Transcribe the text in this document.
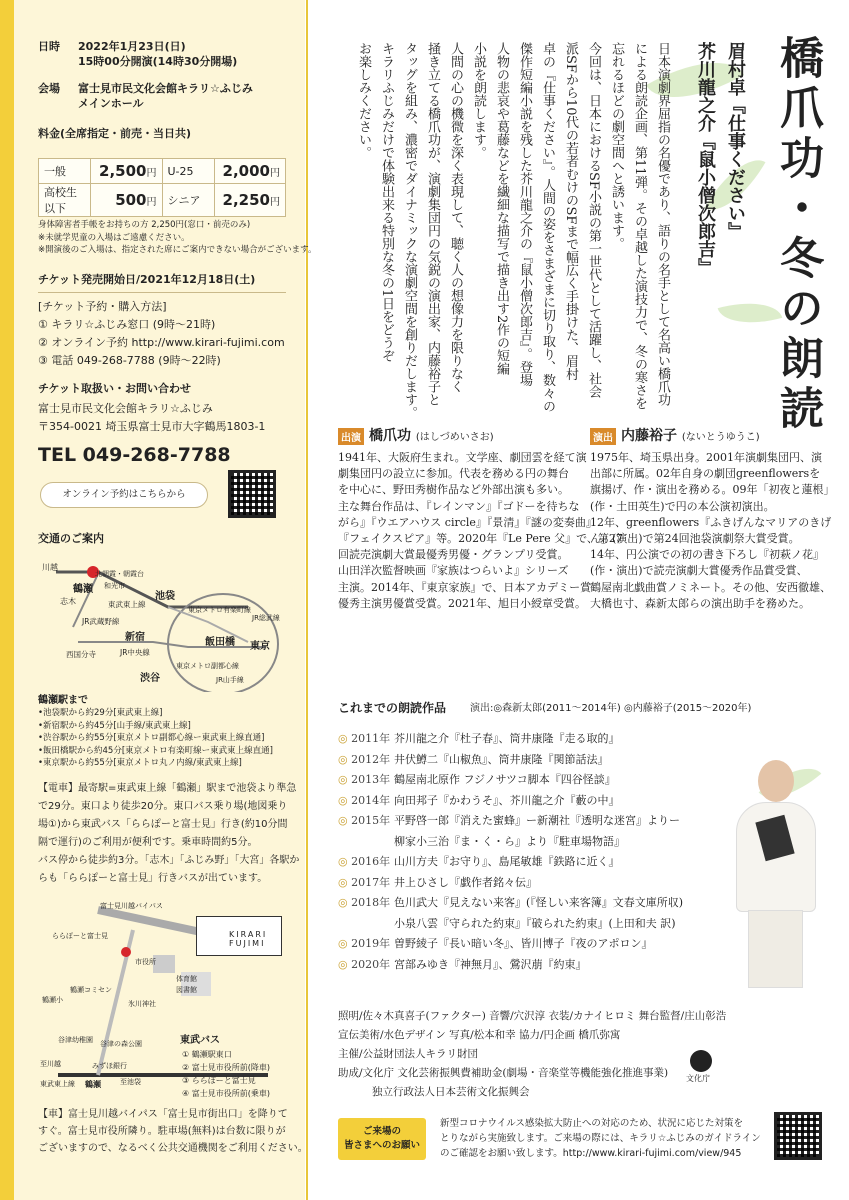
日時 2022年1月23日(日)
15時00分開演(14時30分開場)
会場 富士見市民文化会館キラリ☆ふじみ
メインホール
料金(全席指定・前売・当日共)
一般	2,500円	U-25	2,000円
高校生以下	500円	シニア	2,250円
身体障害者手帳をお持ちの方 2,250円(窓口・前売のみ)
※未就学児童の入場はご遠慮ください。
※開演後のご入場は、指定された席にご案内できない場合がございます。
チケット発売開始日/2021年12月18日(土)
[チケット予約・購入方法]
① キラリ☆ふじみ窓口 (9時〜21時)
② オンライン予約 http://www.kirari-fujimi.com
③ 電話 049-268-7788 (9時〜22時)
チケット取扱い・お問い合わせ
富士見市民文化会館キラリ☆ふじみ
〒354-0021 埼玉県富士見市大字鶴馬1803-1
TEL 049-268-7788
オンライン予約はこちらから
交通のご案内
川越
鶴瀬
志木	池袋
北朝霞・朝霞台
和光市
東武東上線
JR武蔵野線
東京メトロ有楽町線
新宿
JR中央線
西国分寺
飯田橋 東京
渋谷	JR山手線
JR総武線
東京メトロ副都心線
鶴瀬駅まで
KIRARI FUJIMI
富士見川越バイパス
ららぽーと富士見
市役所
体育館
図書館
鶴瀬コミセン
鶴瀬小	氷川神社
谷津幼稚園 谷津の森公園
みずほ銀行
至川越
至池袋
鶴瀬
東武東上線
東武バス
橋爪功・冬の朗読
眉村卓『仕事ください』
芥川龍之介『鼠小僧次郎吉』
出演 橋爪功 (はしづめいさお)
1941年、大阪府生まれ。文学座、劇団雲を経て演
劇集団円の設立に参加。代表を務める円の舞台
を中心に、野田秀樹作品など外部出演も多い。
主な舞台作品は、『レインマン』『ゴドーを待ちな
がら』『ウエアハウス circle』『景清』『謎の変奏曲』
『フェイクスピア』等。2020年『Le Pere 父』で、第27
回読売演劇大賞最優秀男優・グランプリ受賞。
山田洋次監督映画『家族はつらいよ』シリーズ
主演。2014年、『東京家族』で、日本アカデミー賞
優秀主演男優賞受賞。2021年、旭日小綬章受賞。
演出 内藤裕子 (ないとうゆうこ)
1975年、埼玉県出身。2001年演劇集団円、演
出部に所属。02年自身の劇団greenflowersを
旗揚げ、作・演出を務める。09年「初夜と蓮根」
(作・土田英生)で円の本公演初演出。
12年、greenflowers『ふきげんなマリアのきげ
ん』(演出)で第24回池袋演劇祭大賞受賞。
14年、円公演での初の書き下ろし『初萩ノ花』
(作・演出)で読売演劇大賞優秀作品賞受賞、
鶴屋南北戯曲賞ノミネート。その他、安西徹雄、
大橋也寸、森新太郎らの演出助手を務めた。
これまでの朗読作品 演出:◎森新太郎(2011〜2014年) ◎内藤裕子(2015〜2020年)
◎ 2011年 芥川龍之介『杜子春』、筒井康隆『走る取的』
◎ 2012年 井伏鱒二『山椒魚』、筒井康隆『関節話法』
◎ 2013年 鶴屋南北原作 フジノサツコ脚本『四谷怪談』
◎ 2014年 向田邦子『かわうそ』、芥川龍之介『藪の中』
◎ 2015年 平野啓一郎『消えた蜜蜂』ー新潮社『透明な迷宮』よりー
柳家小三治『ま・く・ら』より『駐車場物語』
◎ 2016年 山川方夫『お守り』、島尾敏雄『鉄路に近く』
◎ 2017年 井上ひさし『戯作者銘々伝』
◎ 2018年 色川武大『見えない来客』(『怪しい来客簿』文春文庫所収)
小泉八雲『守られた約束』『破られた約束』(上田和夫 訳)
◎ 2019年 曽野綾子『長い暗い冬』、皆川博子『夜のアポロン』
◎ 2020年 宮部みゆき『神無月』、鶯沢萠『約束』
文化庁
ご来場の
皆さまへのお願い
•池袋駅から約29分[東武東上線]
•新宿駅から約45分[山手線/東武東上線]
•渋谷駅から約55分[東京メトロ副都心線ー東武東上線直通]
•飯田橋駅から約45分[東京メトロ有楽町線ー東武東上線直通]
•東京駅から約55分[東京メトロ丸ノ内線/東武東上線]
【電車】最寄駅=東武東上線「鶴瀬」駅まで池袋より準急
で29分。東口より徒歩20分。東口バス乗り場(地図乗り
場①)から東武バス「ららぽーと富士見」行き(約10分間
隔で運行)のご利用が便利です。乗車時間約5分。
バス停から徒歩約3分。「志木」「ふじみ野」「大宮」各駅か
らも「ららぽーと富士見」行きバスが出ています。
① 鶴瀬駅東口
② 富士見市役所前(降車)
③ ららぽーと富士見
④ 富士見市役所前(乗車)
【車】富士見川越バイパス「富士見市街出口」を降りて
すぐ。富士見市役所隣り。駐車場(無料)は台数に限りが
ございますので、なるべく公共交通機関をご利用ください。
日本演劇界屈指の名優であり、語りの名手として名高い橋爪功
による朗読企画、第11弾。その卓越した演技力で、冬の寒さを
忘れるほどの劇空間へと誘います。
今回は、日本におけるSF小説の第一世代として活躍し、社会
派SFから10代の若者むけのSFまで幅広く手掛けた、眉村
卓の『仕事ください』。人間の姿をさまざまに切り取り、数々の
傑作短編小説を残した芥川龍之介の『鼠小僧次郎吉』。登場
人物の悲哀や葛藤などを繊細な描写で描き出す2作の短編
小説を朗読します。
人間の心の機微を深く表現して、聴く人の想像力を限りなく
掻き立てる橋爪功が、演劇集団円の気鋭の演出家、内藤裕子と
タッグを組み、濃密でダイナミックな演劇空間を創りだします。
キラリふじみだけで体験出来る特別な冬の1日をどうぞ
お楽しみください。
照明/佐々木真喜子(ファクター) 音響/穴沢淳 衣装/カナイヒロミ 舞台監督/庄山彰浩
宣伝美術/水色デザイン 写真/松本和幸 協力/円企画 橋爪弥寓
主催/公益財団法人キラリ財団
助成/文化庁 文化芸術振興費補助金(劇場・音楽堂等機能強化推進事業)
独立行政法人日本芸術文化振興会
新型コロナウイルス感染拡大防止への対応のため、状況に応じた対策を
とりながら実施致します。ご来場の際には、キラリ☆ふじみのガイドライン
のご確認をお願い致します。http://www.kirari-fujimi.com/view/945
